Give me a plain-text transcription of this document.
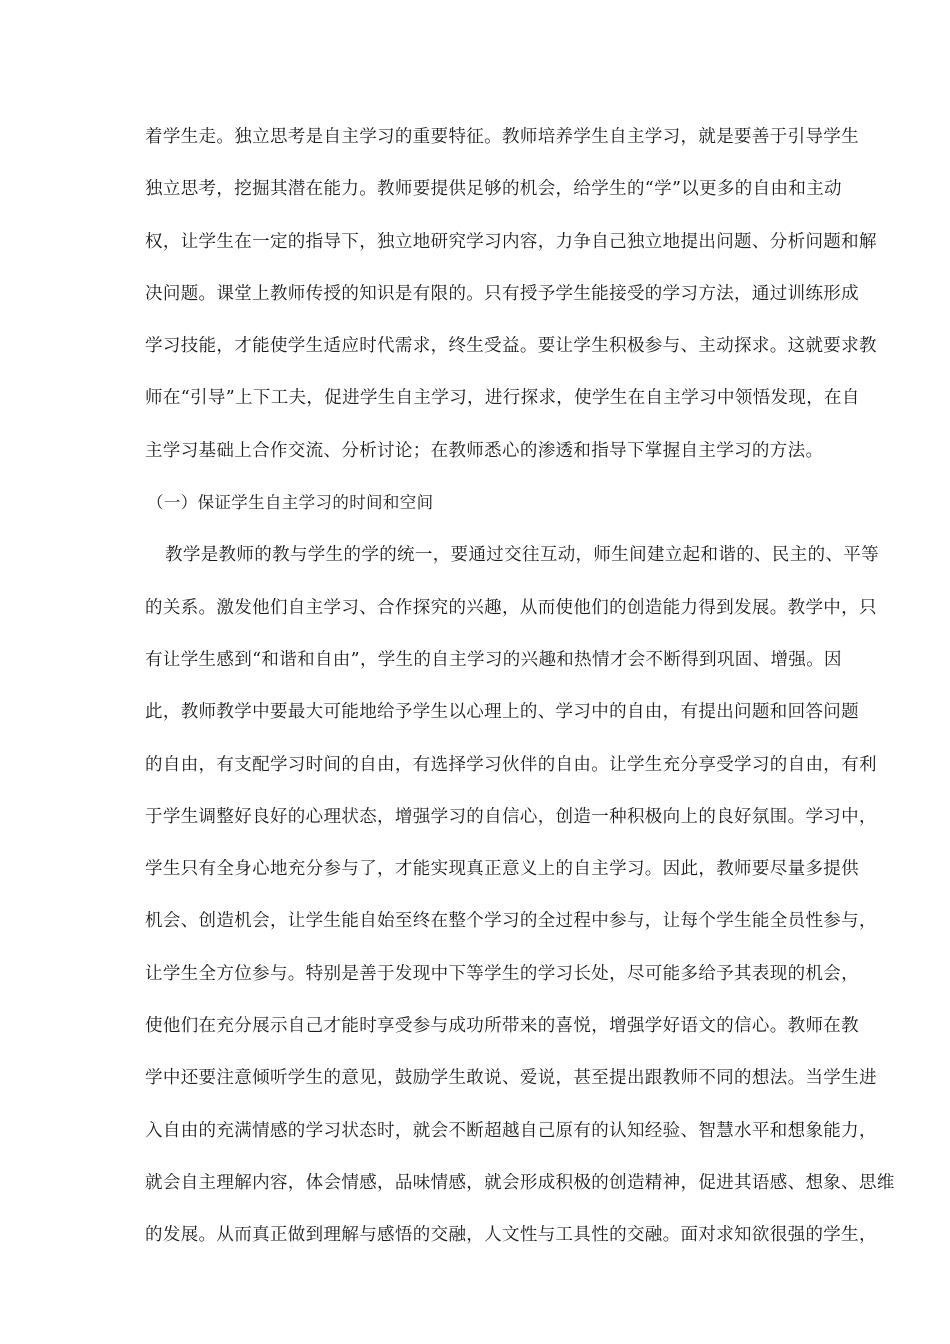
着学生走。独立思考是自主学习的重要特征。教师培养学生自主学习，就是要善于引导学生
独立思考，挖掘其潜在能力。教师要提供足够的机会，给学生的“学”以更多的自由和主动
权，让学生在一定的指导下，独立地研究学习内容，力争自己独立地提出问题、分析问题和解
决问题。课堂上教师传授的知识是有限的。只有授予学生能接受的学习方法，通过训练形成
学习技能，才能使学生适应时代需求，终生受益。要让学生积极参与、主动探求。这就要求教
师在“引导”上下工夫，促进学生自主学习，进行探求，使学生在自主学习中领悟发现，在自
主学习基础上合作交流、分析讨论；在教师悉心的渗透和指导下掌握自主学习的方法。
（一）保证学生自主学习的时间和空间
教学是教师的教与学生的学的统一，要通过交往互动，师生间建立起和谐的、民主的、平等
的关系。激发他们自主学习、合作探究的兴趣，从而使他们的创造能力得到发展。教学中，只
有让学生感到“和谐和自由”，学生的自主学习的兴趣和热情才会不断得到巩固、增强。因
此，教师教学中要最大可能地给予学生以心理上的、学习中的自由，有提出问题和回答问题
的自由，有支配学习时间的自由，有选择学习伙伴的自由。让学生充分享受学习的自由，有利
于学生调整好良好的心理状态，增强学习的自信心，创造一种积极向上的良好氛围。学习中，
学生只有全身心地充分参与了，才能实现真正意义上的自主学习。因此，教师要尽量多提供
机会、创造机会，让学生能自始至终在整个学习的全过程中参与，让每个学生能全员性参与，
让学生全方位参与。特别是善于发现中下等学生的学习长处，尽可能多给予其表现的机会，
使他们在充分展示自己才能时享受参与成功所带来的喜悦，增强学好语文的信心。教师在教
学中还要注意倾听学生的意见，鼓励学生敢说、爱说，甚至提出跟教师不同的想法。当学生进
入自由的充满情感的学习状态时，就会不断超越自己原有的认知经验、智慧水平和想象能力，
就会自主理解内容，体会情感，品味情感，就会形成积极的创造精神，促进其语感、想象、思维
的发展。从而真正做到理解与感悟的交融，人文性与工具性的交融。面对求知欲很强的学生，
